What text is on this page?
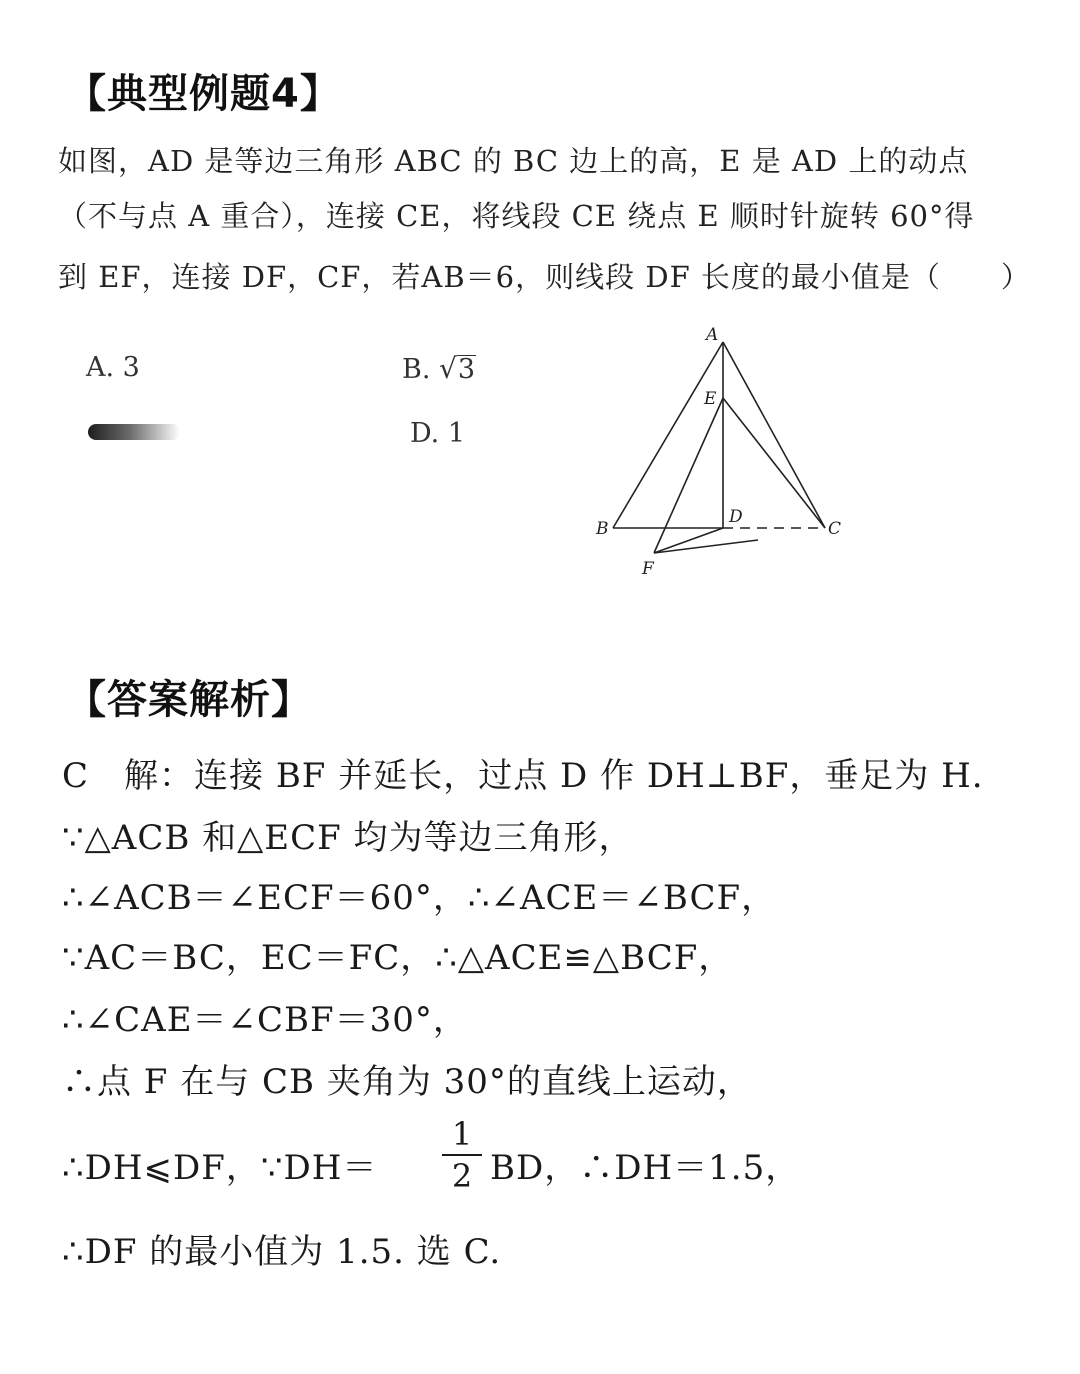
【典型例题4】
如图，AD 是等边三角形 ABC 的 BC 边上的高，E 是 AD 上的动点
（不与点 A 重合），连接 CE，将线段 CE 绕点 E 顺时针旋转 60°得
到 EF，连接 DF，CF，若AB＝6，则线段 DF 长度的最小值是（　　）
A. 3	B. √3
D. 1
A
E
B
D
C
F
【答案解析】
C　解：连接 BF 并延长，过点 D 作 DH⊥BF，垂足为 H.
∵△ACB 和△ECF 均为等边三角形，
∴∠ACB＝∠ECF＝60°，∴∠ACE＝∠BCF，
∵AC＝BC，EC＝FC，∴△ACE≌△BCF，
∴∠CAE＝∠CBF＝30°，
∴点 F 在与 CB 夹角为 30°的直线上运动，
∴DH⩽DF，∵DH＝
1
2 BD，∴DH＝1.5，
∴DF 的最小值为 1.5. 选 C.
